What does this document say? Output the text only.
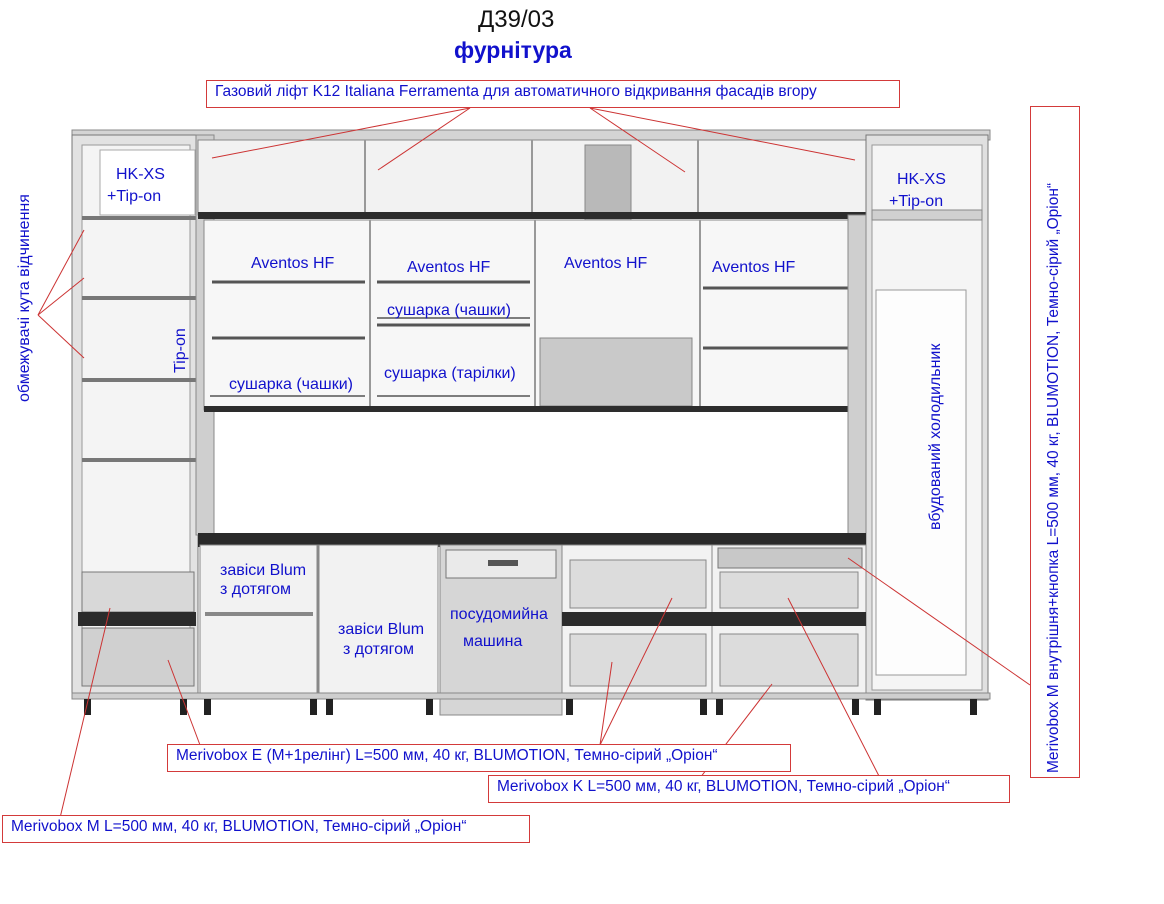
Д39/03
фурнітура
Газовий ліфт K12 Italiana Ferramenta для автоматичного відкривання фасадів вгору
Merivobox E (M+1релінг) L=500 мм, 40 кг, BLUMOTION, Темно-сірий „Оріон“
Merivobox K L=500 мм, 40 кг, BLUMOTION, Темно-сірий „Оріон“
Merivobox M L=500 мм, 40 кг, BLUMOTION, Темно-сірий „Оріон“
Merivobox M внутрішня+кнопка L=500 мм, 40 кг, BLUMOTION, Темно-сірий „Оріон“
HK-XS
+Tip-on
HK-XS
+Tip-on
Tip-on
Aventos HF	Aventos HF	Aventos HF	Aventos HF
сушарка (чашки)
сушарка (чашки)
сушарка (тарілки)
завіси Blum
з дотягом
завіси Blum
з дотягом
посудомийна
машина
вбудований холодильник
обмежувачі кута відчинення
